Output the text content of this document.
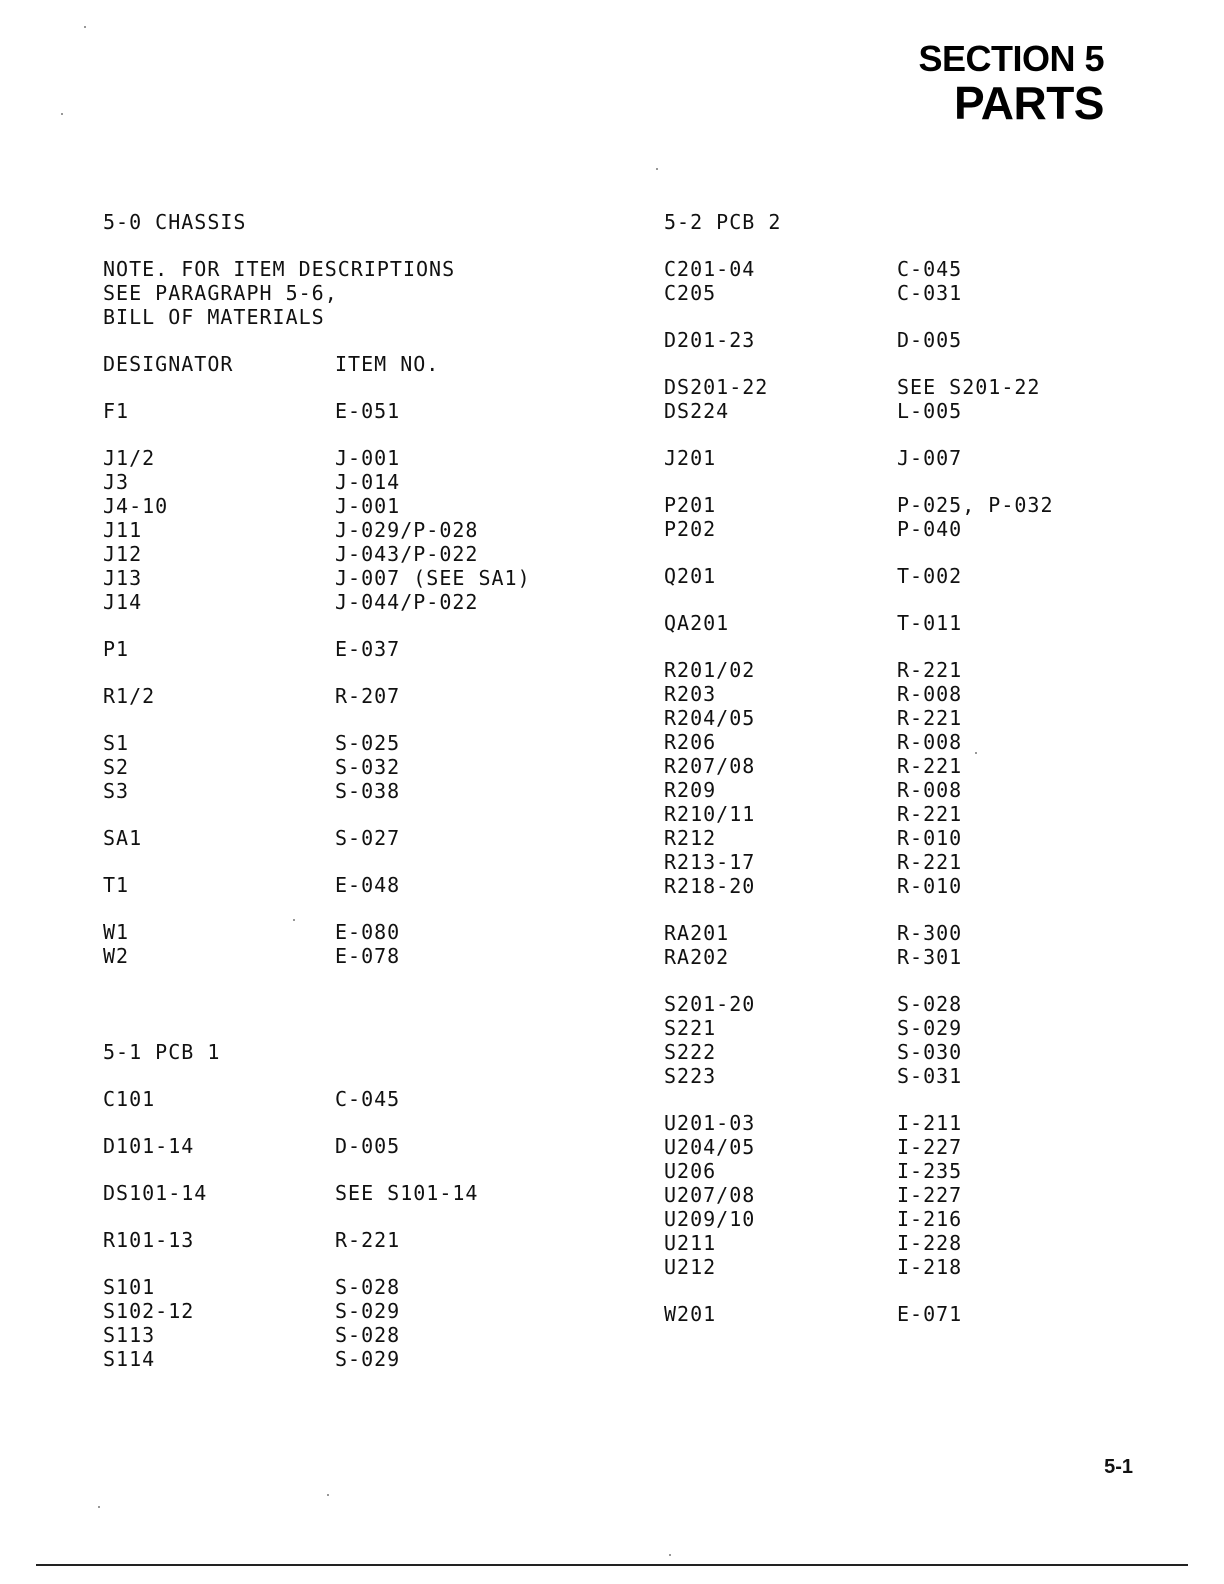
SECTION 5
PARTS
5-0 CHASSIS
NOTE. FOR ITEM DESCRIPTIONS
SEE PARAGRAPH 5-6,
BILL OF MATERIALS
DESIGNATOR	ITEM NO.
F1	E-051
J1/2	J-001
J3	J-014
J4-10	J-001
J11	J-029/P-028
J12	J-043/P-022
J13	J-007 (SEE SA1)
J14	J-044/P-022
P1	E-037
R1/2	R-207
S1	S-025
S2	S-032
S3	S-038
SA1	S-027
T1	E-048
W1	E-080
W2	E-078
5-1 PCB 1
C101	C-045
D101-14	D-005
DS101-14	SEE S101-14
R101-13	R-221
S101	S-028
S102-12	S-029
S113	S-028
S114	S-029
5-2 PCB 2
C201-04	C-045
C205	C-031
D201-23	D-005
DS201-22	SEE S201-22
DS224	L-005
J201	J-007
P201	P-025, P-032
P202	P-040
Q201	T-002
QA201	T-011
R201/02	R-221
R203	R-008
R204/05	R-221
R206	R-008
R207/08	R-221
R209	R-008
R210/11	R-221
R212	R-010
R213-17	R-221
R218-20	R-010
RA201	R-300
RA202	R-301
S201-20	S-028
S221	S-029
S222	S-030
S223	S-031
U201-03	I-211
U204/05	I-227
U206	I-235
U207/08	I-227
U209/10	I-216
U211	I-228
U212	I-218
W201	E-071
5-1
